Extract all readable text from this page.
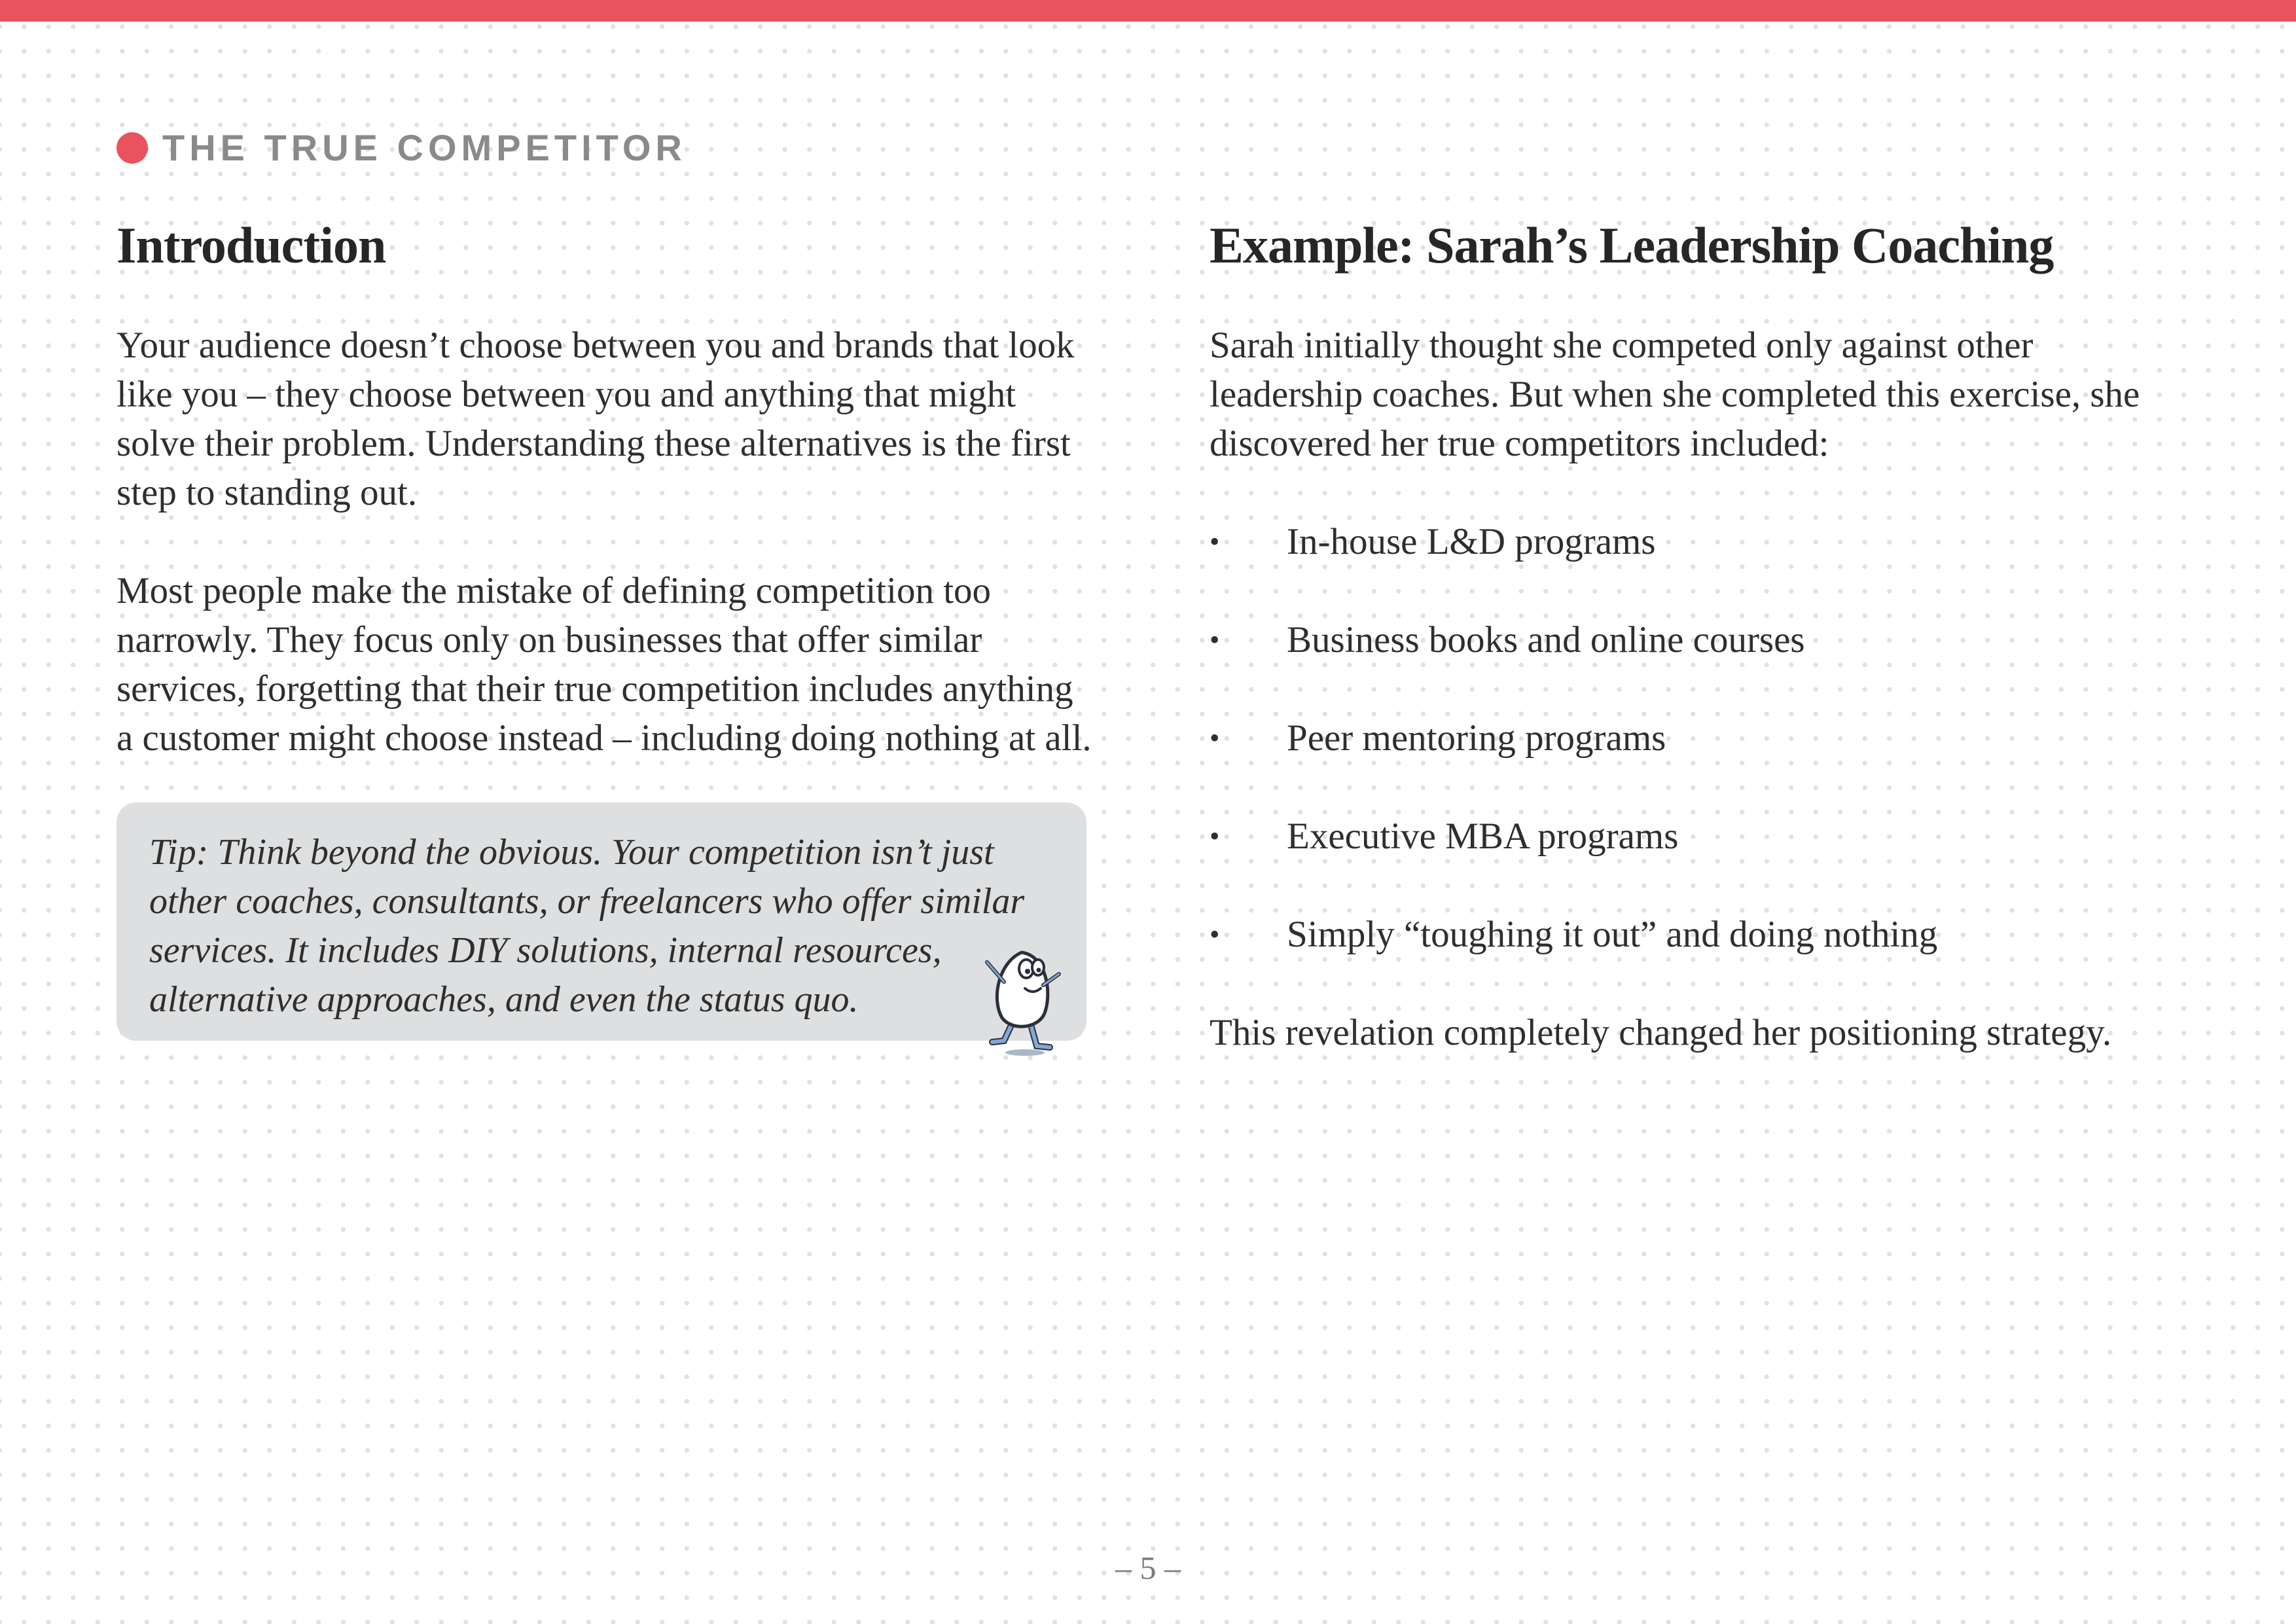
THE TRUE COMPETITOR
Introduction

Your audience doesn’t choose between you and brands that look like you – they choose between you and anything that might solve their problem. Understanding these alternatives is the first step to standing out.

Most people make the mistake of defining competition too narrowly. They focus only on businesses that offer similar services, forgetting that their true competition includes anything a customer might choose instead – including doing nothing at all.

Tip: Think beyond the obvious. Your competition isn’t just other coaches, consultants, or freelancers who offer similar services. It includes DIY solutions, internal resources, alternative approaches, and even the status quo.

Example: Sarah’s Leadership Coaching

Sarah initially thought she competed only against other leadership coaches. But when she completed this exercise, she discovered her true competitors included:

• In-house L&D programs
• Business books and online courses
• Peer mentoring programs
• Executive MBA programs
• Simply “toughing it out” and doing nothing

This revelation completely changed her positioning strategy.

– 5 –
